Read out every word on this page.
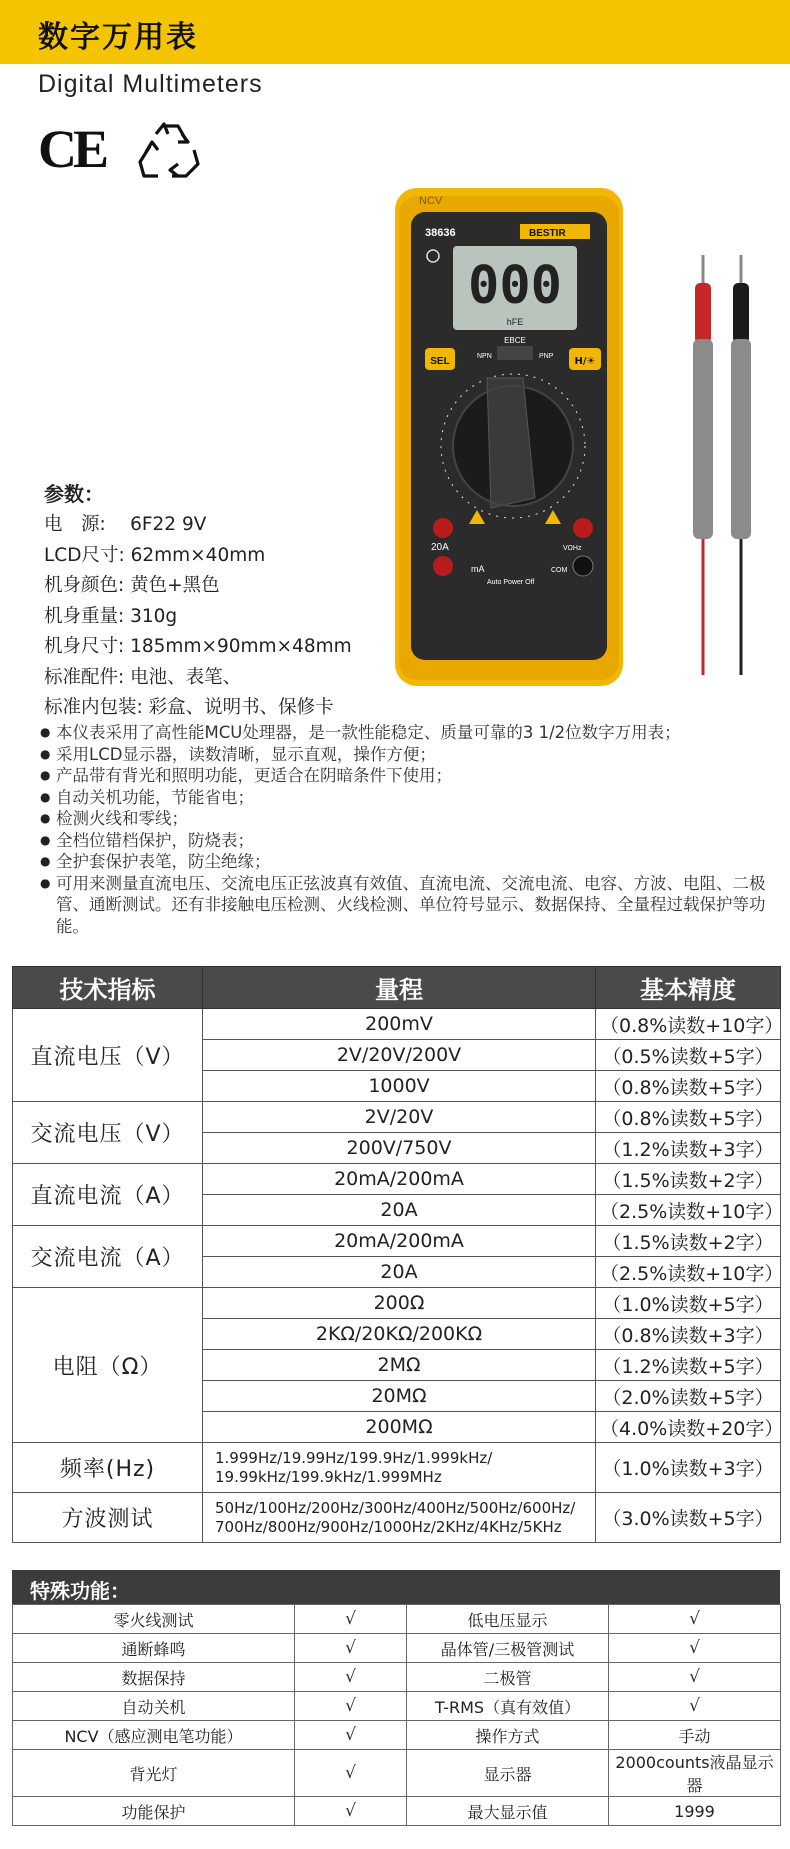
数字万用表
Digital Multimeters
CE
NCV
38636	BESTIR
000
hFE
EBCE
NPN	PNP
SEL	H/☀
20A
mA	COM
VΩHz
Auto Power Off
参数：
电　源:　 6F22 9V
LCD尺寸: 62mm×40mm
机身颜色: 黄色+黑色
机身重量: 310g
机身尺寸: 185mm×90mm×48mm
标准配件: 电池、表笔、
标准内包装: 彩盒、说明书、保修卡
● 本仪表采用了高性能MCU处理器，是一款性能稳定、质量可靠的3 1/2位数字万用表；
● 采用LCD显示器，读数清晰，显示直观，操作方便；
● 产品带有背光和照明功能，更适合在阴暗条件下使用；
● 自动关机功能，节能省电；
● 检测火线和零线；
● 全档位错档保护，防烧表；
● 全护套保护表笔，防尘绝缘；
● 可用来测量直流电压、交流电压正弦波真有效值、直流电流、交流电流、电容、方波、电阻、二极管、通断测试。还有非接触电压检测、火线检测、单位符号显示、数据保持、全量程过载保护等功能。
技术指标	量程	基本精度
直流电压（V）	200mV	（0.8%读数+10字）
	2V/20V/200V	（0.5%读数+5字）
	1000V	（0.8%读数+5字）
交流电压（V）	2V/20V	（0.8%读数+5字）
	200V/750V	（1.2%读数+3字）
直流电流（A）	20mA/200mA	（1.5%读数+2字）
	20A	（2.5%读数+10字）
交流电流（A）	20mA/200mA	（1.5%读数+2字）
	20A	（2.5%读数+10字）
电阻（Ω）	200Ω	（1.0%读数+5字）
	2KΩ/20KΩ/200KΩ	（0.8%读数+3字）
	2MΩ	（1.2%读数+5字）
	20MΩ	（2.0%读数+5字）
	200MΩ	（4.0%读数+20字）
频率(Hz)	1.999Hz/19.99Hz/199.9Hz/1.999kHz/
19.99kHz/199.9kHz/1.999MHz	（1.0%读数+3字）
方波测试	50Hz/100Hz/200Hz/300Hz/400Hz/500Hz/600Hz/
700Hz/800Hz/900Hz/1000Hz/2KHz/4KHz/5KHz	（3.0%读数+5字）
特殊功能：
零火线测试	√	低电压显示	√
通断蜂鸣	√	晶体管/三极管测试	√
数据保持	√	二极管	√
自动关机	√	T-RMS（真有效值）	√
NCV（感应测电笔功能）	√	操作方式	手动
背光灯	√	显示器	2000counts液晶显示器
功能保护	√	最大显示值	1999
